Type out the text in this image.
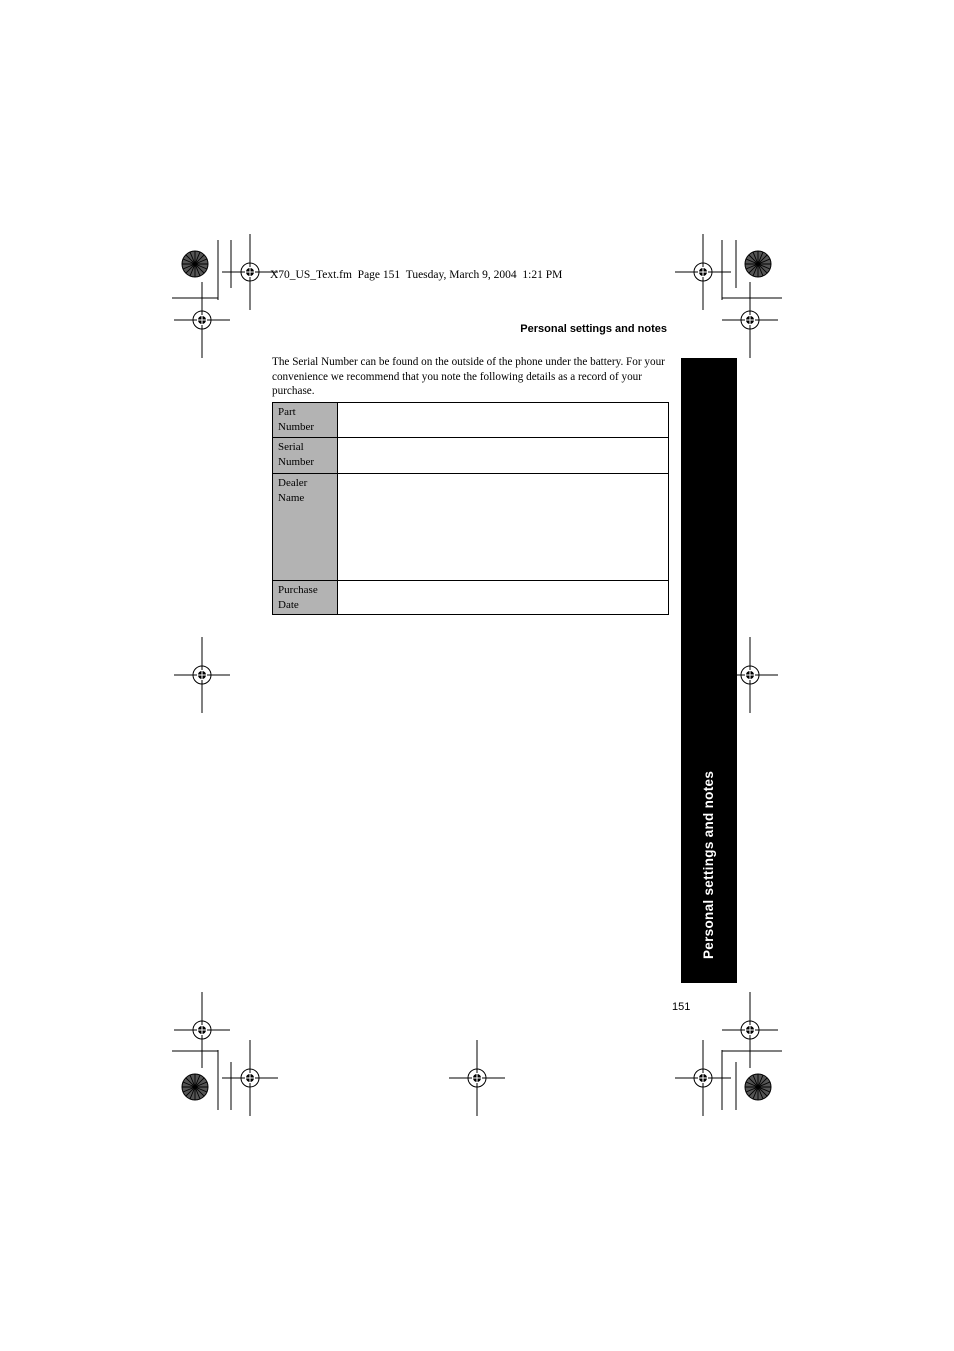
X70_US_Text.fm  Page 151  Tuesday, March 9, 2004  1:21 PM
Personal settings and notes

The Serial Number can be found on the outside of the phone under the battery. For your convenience we recommend that you note the following details as a record of your purchase.

Part Number	
Serial Number	
Dealer Name	
Purchase Date	
Personal settings and notes
151
